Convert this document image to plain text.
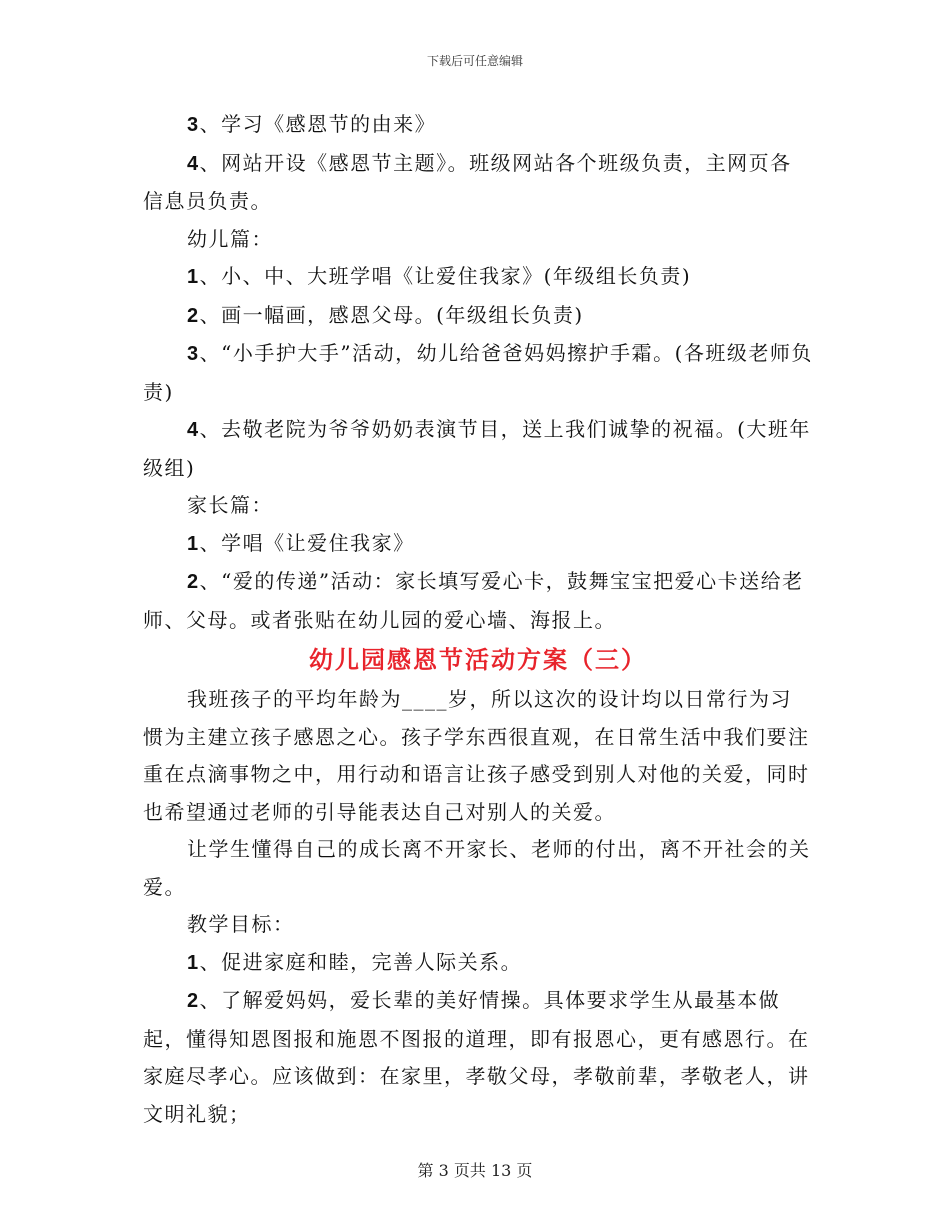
下载后可任意编辑

3、学习《感恩节的由来》

4、网站开设《感恩节主题》。班级网站各个班级负责，主网页各信息员负责。

幼儿篇：

1、小、中、大班学唱《让爱住我家》(年级组长负责)

2、画一幅画，感恩父母。(年级组长负责)

3、“小手护大手”活动，幼儿给爸爸妈妈擦护手霜。(各班级老师负责)

4、去敬老院为爷爷奶奶表演节目，送上我们诚挚的祝福。(大班年级组)

家长篇：

1、学唱《让爱住我家》

2、“爱的传递”活动：家长填写爱心卡，鼓舞宝宝把爱心卡送给老师、父母。或者张贴在幼儿园的爱心墙、海报上。

幼儿园感恩节活动方案（三）

我班孩子的平均年龄为____岁，所以这次的设计均以日常行为习惯为主建立孩子感恩之心。孩子学东西很直观，在日常生活中我们要注重在点滴事物之中，用行动和语言让孩子感受到别人对他的关爱，同时也希望通过老师的引导能表达自己对别人的关爱。

让学生懂得自己的成长离不开家长、老师的付出，离不开社会的关爱。

教学目标：

1、促进家庭和睦，完善人际关系。

2、了解爱妈妈，爱长辈的美好情操。具体要求学生从最基本做起，懂得知恩图报和施恩不图报的道理，即有报恩心，更有感恩行。在家庭尽孝心。应该做到：在家里，孝敬父母，孝敬前辈，孝敬老人，讲文明礼貌；

第 3 页共 13 页
